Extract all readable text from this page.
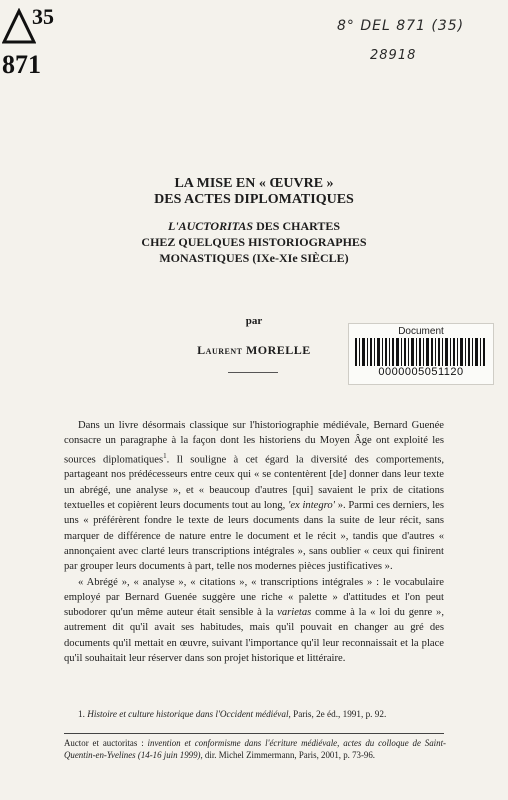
35
871
8° DEL 871 (35)
28918
LA MISE EN « ŒUVRE »
DES ACTES DIPLOMATIQUES
L'AUCTORITAS DES CHARTES
CHEZ QUELQUES HISTORIOGRAPHES
MONASTIQUES (IXe-XIe SIÈCLE)
par
Laurent MORELLE
Document
0000005051120

Dans un livre désormais classique sur l'historiographie médiévale, Bernard Guenée consacre un paragraphe à la façon dont les historiens du Moyen Âge ont exploité les sources diplomatiques$^1$. Il souligne à cet égard la diversité des comportements, partageant nos prédécesseurs entre ceux qui « se contentèrent [de] donner dans leur texte un abrégé, une analyse », et « beaucoup d'autres [qui] savaient le prix de citations textuelles et copièrent leurs documents tout au long, 'ex integro' ». Parmi ces derniers, les uns « préférèrent fondre le texte de leurs documents dans la suite de leur récit, sans marquer de différence de nature entre le document et le récit », tandis que d'autres « annonçaient avec clarté leurs transcriptions intégrales », sans oublier « ceux qui finirent par grouper leurs documents à part, telle nos modernes pièces justificatives ».

« Abrégé », « analyse », « citations », « transcriptions intégrales » : le vocabulaire employé par Bernard Guenée suggère une riche « palette » d'attitudes et l'on peut subodorer qu'un même auteur était sensible à la varietas comme à la « loi du genre », autrement dit qu'il avait ses habitudes, mais qu'il pouvait en changer au gré des documents qu'il mettait en œuvre, suivant l'importance qu'il leur reconnaissait et la place qu'il souhaitait leur réserver dans son projet historique et littéraire.

1. Histoire et culture historique dans l'Occident médiéval, Paris, 2e éd., 1991, p. 92.
Auctor et auctoritas : invention et conformisme dans l'écriture médiévale, actes du colloque de Saint-Quentin-en-Yvelines (14-16 juin 1999), dir. Michel Zimmermann, Paris, 2001, p. 73-96.
